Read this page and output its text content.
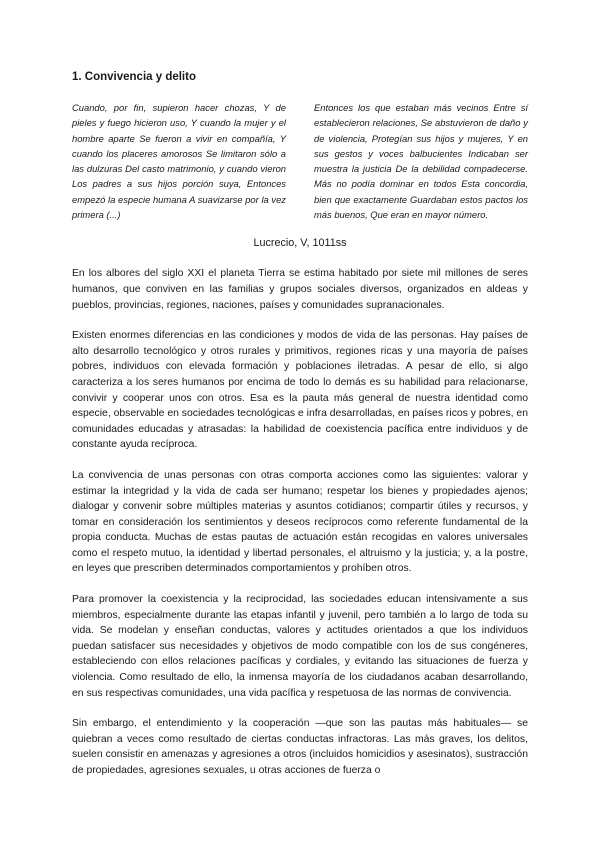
1. Convivencia y delito

Cuando, por fin, supieron hacer chozas, Y de pieles y fuego hicieron uso, Y cuando la mujer y el hombre aparte Se fueron a vivir en compañía, Y cuando los placeres amorosos Se limitaron sólo a las dulzuras Del casto matrimonio, y cuando vieron Los padres a sus hijos porción suya, Entonces empezó la especie humana A suavizarse por la vez primera (...)

Entonces los que estaban más vecinos Entre sí establecieron relaciones, Se abstuvieron de daño y de violencia, Protegían sus hijos y mujeres, Y en sus gestos y voces balbucientes Indicaban ser muestra la justicia De la debilidad compadecerse. Más no podía dominar en todos Esta concordia, bien que exactamente Guardaban estos pactos los más buenos, Que eran en mayor número.

Lucrecio, V, 1011ss

En los albores del siglo XXI el planeta Tierra se estima habitado por siete mil millones de seres humanos, que conviven en las familias y grupos sociales diversos, organizados en aldeas y pueblos, provincias, regiones, naciones, países y comunidades supranacionales.

Existen enormes diferencias en las condiciones y modos de vida de las personas. Hay países de alto desarrollo tecnológico y otros rurales y primitivos, regiones ricas y una mayoría de países pobres, individuos con elevada formación y poblaciones iletradas. A pesar de ello, si algo caracteriza a los seres humanos por encima de todo lo demás es su habilidad para relacionarse, convivir y cooperar unos con otros. Esa es la pauta más general de nuestra identidad como especie, observable en sociedades tecnológicas e infra desarrolladas, en países ricos y pobres, en comunidades educadas y atrasadas: la habilidad de coexistencia pacífica entre individuos y de constante ayuda recíproca.

La convivencia de unas personas con otras comporta acciones como las siguientes: valorar y estimar la integridad y la vida de cada ser humano; respetar los bienes y propiedades ajenos; dialogar y convenir sobre múltiples materias y asuntos cotidianos; compartir útiles y recursos, y tomar en consideración los sentimientos y deseos recíprocos como referente fundamental de la propia conducta. Muchas de estas pautas de actuación están recogidas en valores universales como el respeto mutuo, la identidad y libertad personales, el altruismo y la justicia; y, a la postre, en leyes que prescriben determinados comportamientos y prohíben otros.

Para promover la coexistencia y la reciprocidad, las sociedades educan intensivamente a sus miembros, especialmente durante las etapas infantil y juvenil, pero también a lo largo de toda su vida. Se modelan y enseñan conductas, valores y actitudes orientados a que los individuos puedan satisfacer sus necesidades y objetivos de modo compatible con los de sus congéneres, estableciendo con ellos relaciones pacíficas y cordiales, y evitando las situaciones de fuerza y violencia. Como resultado de ello, la inmensa mayoría de los ciudadanos acaban desarrollando, en sus respectivas comunidades, una vida pacífica y respetuosa de las normas de convivencia.

Sin embargo, el entendimiento y la cooperación —que son las pautas más habituales— se quiebran a veces como resultado de ciertas conductas infractoras. Las más graves, los delitos, suelen consistir en amenazas y agresiones a otros (incluidos homicidios y asesinatos), sustracción de propiedades, agresiones sexuales, u otras acciones de fuerza o
